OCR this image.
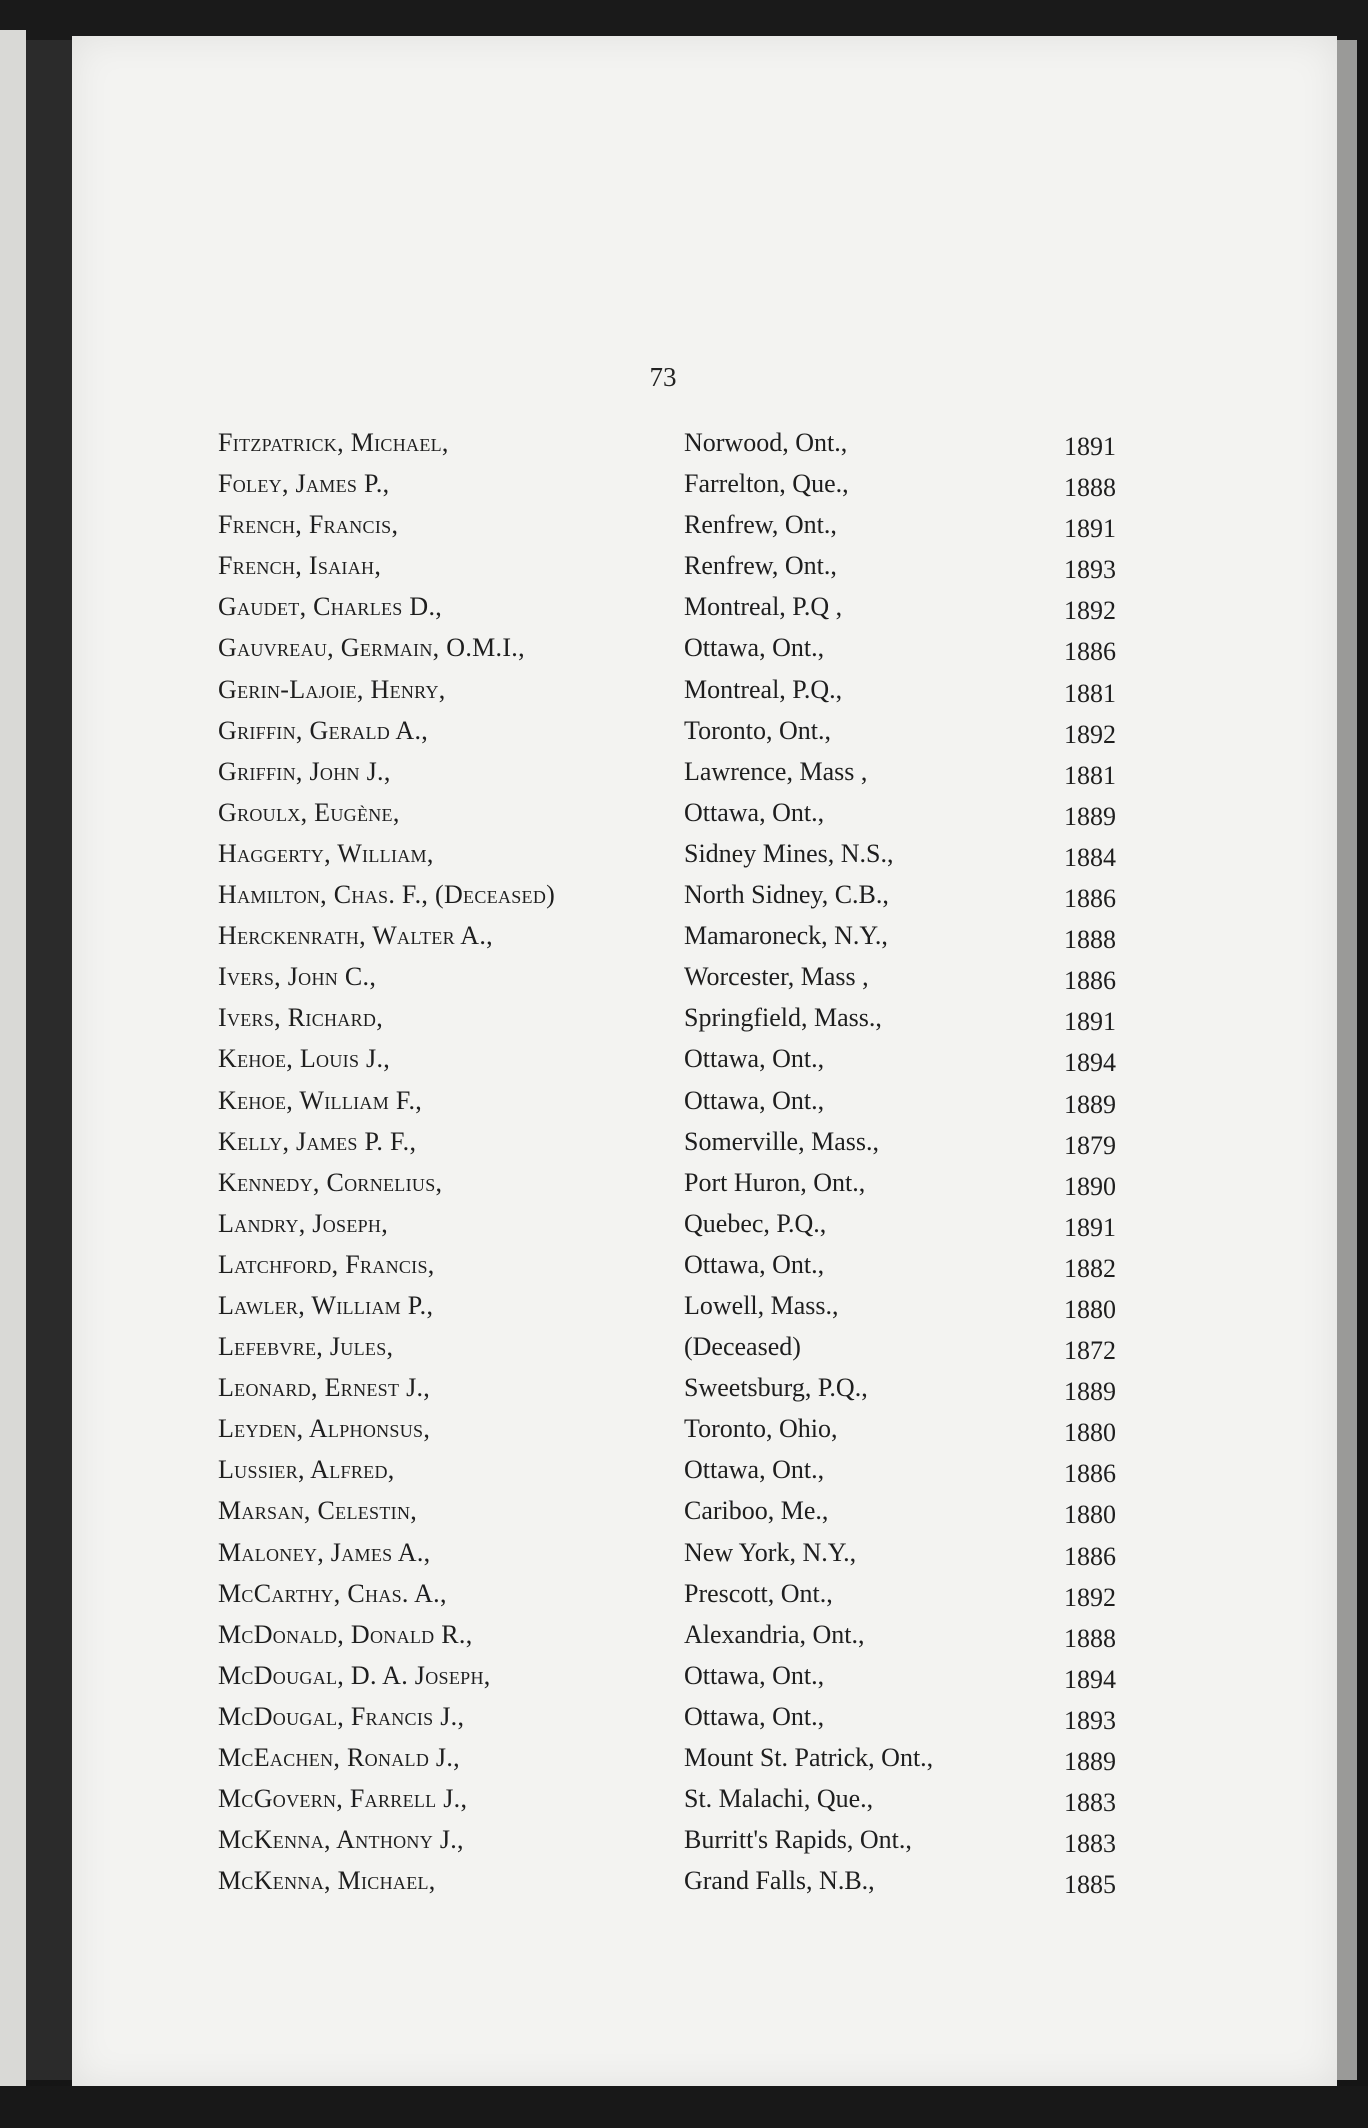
73
Fitzpatrick, Michael,	Norwood, Ont.,	1891
Foley, James P.,	Farrelton, Que.,	1888
French, Francis,	Renfrew, Ont.,	1891
French, Isaiah,	Renfrew, Ont.,	1893
Gaudet, Charles D.,	Montreal, P.Q ,	1892
Gauvreau, Germain, O.M.I.,	Ottawa, Ont.,	1886
Gerin-Lajoie, Henry,	Montreal, P.Q.,	1881
Griffin, Gerald A.,	Toronto, Ont.,	1892
Griffin, John J.,	Lawrence, Mass ,	1881
Groulx, Eugène,	Ottawa, Ont.,	1889
Haggerty, William,	Sidney Mines, N.S.,	1884
Hamilton, Chas. F., (Deceased)	North Sidney, C.B.,	1886
Herckenrath, Walter A.,	Mamaroneck, N.Y.,	1888
Ivers, John C.,	Worcester, Mass ,	1886
Ivers, Richard,	Springfield, Mass.,	1891
Kehoe, Louis J.,	Ottawa, Ont.,	1894
Kehoe, William F.,	Ottawa, Ont.,	1889
Kelly, James P. F.,	Somerville, Mass.,	1879
Kennedy, Cornelius,	Port Huron, Ont.,	1890
Landry, Joseph,	Quebec, P.Q.,	1891
Latchford, Francis,	Ottawa, Ont.,	1882
Lawler, William P.,	Lowell, Mass.,	1880
Lefebvre, Jules,	(Deceased)	1872
Leonard, Ernest J.,	Sweetsburg, P.Q.,	1889
Leyden, Alphonsus,	Toronto, Ohio,	1880
Lussier, Alfred,	Ottawa, Ont.,	1886
Marsan, Celestin,	Cariboo, Me.,	1880
Maloney, James A.,	New York, N.Y.,	1886
McCarthy, Chas. A.,	Prescott, Ont.,	1892
McDonald, Donald R.,	Alexandria, Ont.,	1888
McDougal, D. A. Joseph,	Ottawa, Ont.,	1894
McDougal, Francis J.,	Ottawa, Ont.,	1893
McEachen, Ronald J.,	Mount St. Patrick, Ont.,	1889
McGovern, Farrell J.,	St. Malachi, Que.,	1883
McKenna, Anthony J.,	Burritt's Rapids, Ont.,	1883
McKenna, Michael,	Grand Falls, N.B.,	1885
